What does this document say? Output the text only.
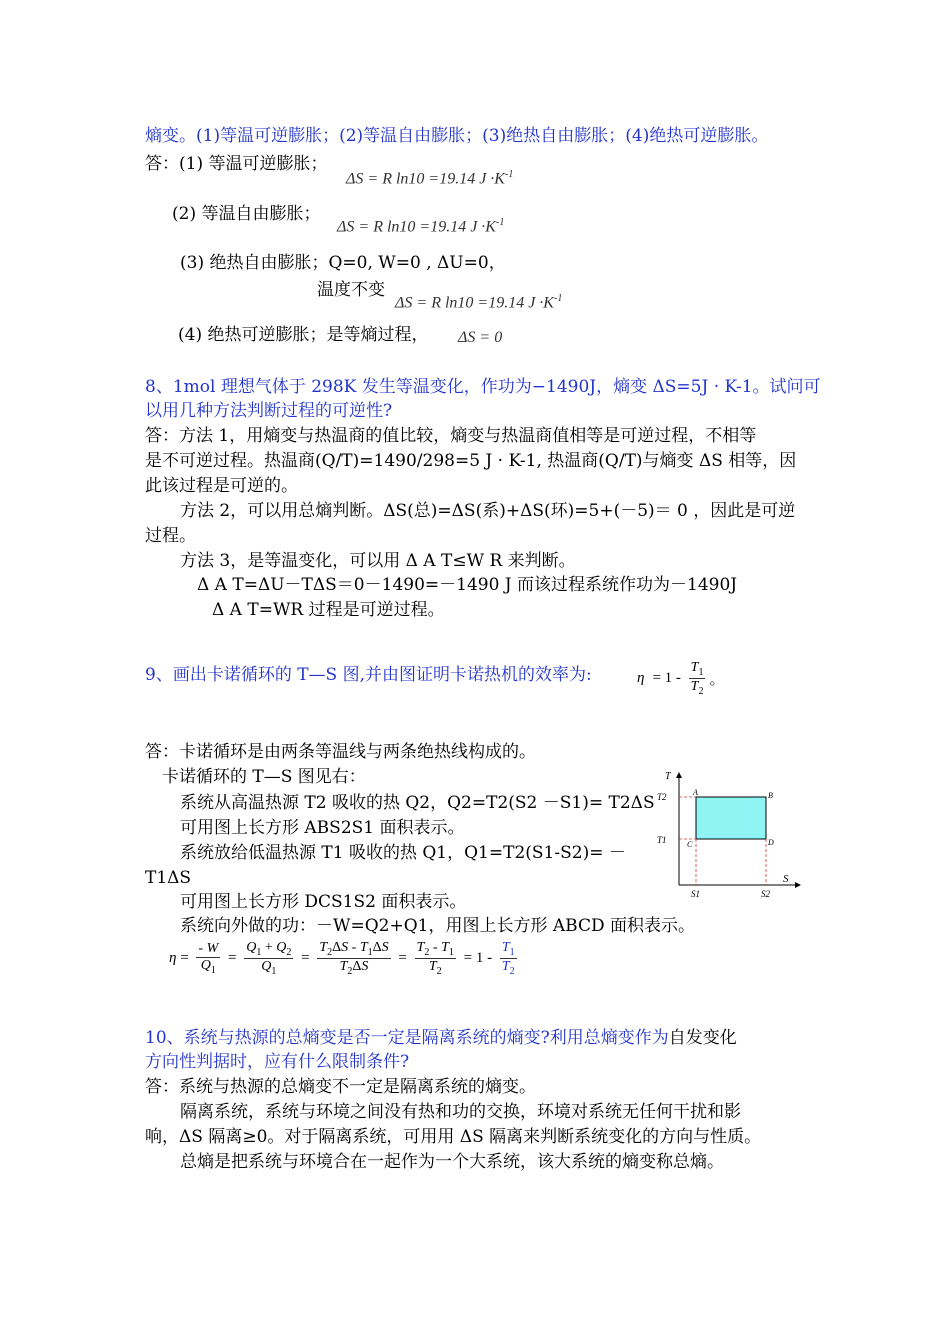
熵变。(1)等温可逆膨胀；(2)等温自由膨胀；(3)绝热自由膨胀；(4)绝热可逆膨胀。
答：(1) 等温可逆膨胀；
ΔS = R ln10 =19.14 $J \cdot K^{-1}$
(2) 等温自由膨胀；
ΔS = R ln10 =19.14 $J \cdot K^{-1}$
(3) 绝热自由膨胀；Q=0, W=0 , ΔU=0，
温度不变
ΔS = R ln10 =19.14 $J \cdot K^{-1}$
(4) 绝热可逆膨胀；是等熵过程， ΔS = 0
8、1mol 理想气体于 298K 发生等温变化，作功为−1490J，熵变 ΔS=5J · K-1。试问可
以用几种方法判断过程的可逆性?
答：方法 1，用熵变与热温商的值比较，熵变与热温商值相等是可逆过程，不相等
是不可逆过程。热温商(Q/T)=1490/298=5 J · K-1, 热温商(Q/T)与熵变 ΔS 相等，因
此该过程是可逆的。
方法 2，可以用总熵判断。ΔS(总)=ΔS(系)+ΔS(环)=5+(－5)＝ 0 ，因此是可逆
过程。
方法 3，是等温变化，可以用 Δ A T≤W R 来判断。
Δ A T=ΔU－TΔS＝0－1490=－1490 J 而该过程系统作功为－1490J
Δ A T=WR 过程是可逆过程。
9、画出卡诺循环的 T—S 图,并由图证明卡诺热机的效率为:	$\eta = 1 - \frac{T_1}{T_2}$ 。
答：卡诺循环是由两条等温线与两条绝热线构成的。
卡诺循环的 T—S 图见右：
系统从高温热源 T2 吸收的热 Q2，Q2=T2(S2 －S1)= T2ΔS
可用图上长方形 ABS2S1 面积表示。
系统放给低温热源 T1 吸收的热 Q1，Q1=T2(S1-S2)= －
T1ΔS
可用图上长方形 DCS1S2 面积表示。
系统向外做的功：－W=Q2+Q1，用图上长方形 ABCD 面积表示。
$\eta = \frac{- W}{Q_1} = \frac{Q_1 + Q_2}{Q_1} = \frac{T_2\Delta S - T_1\Delta S}{T_2\Delta S} = \frac{T_2 - T_1}{T_2} = 1 - \frac{T_1}{T_2}$
T
S
T2
T1
S1	S2
A	B
C	D
10、系统与热源的总熵变是否一定是隔离系统的熵变?利用总熵变作为自发变化
方向性判据时，应有什么限制条件?
答：系统与热源的总熵变不一定是隔离系统的熵变。
隔离系统，系统与环境之间没有热和功的交换，环境对系统无任何干扰和影
响，ΔS 隔离≥0。对于隔离系统，可用用 ΔS 隔离来判断系统变化的方向与性质。
总熵是把系统与环境合在一起作为一个大系统，该大系统的熵变称总熵。
